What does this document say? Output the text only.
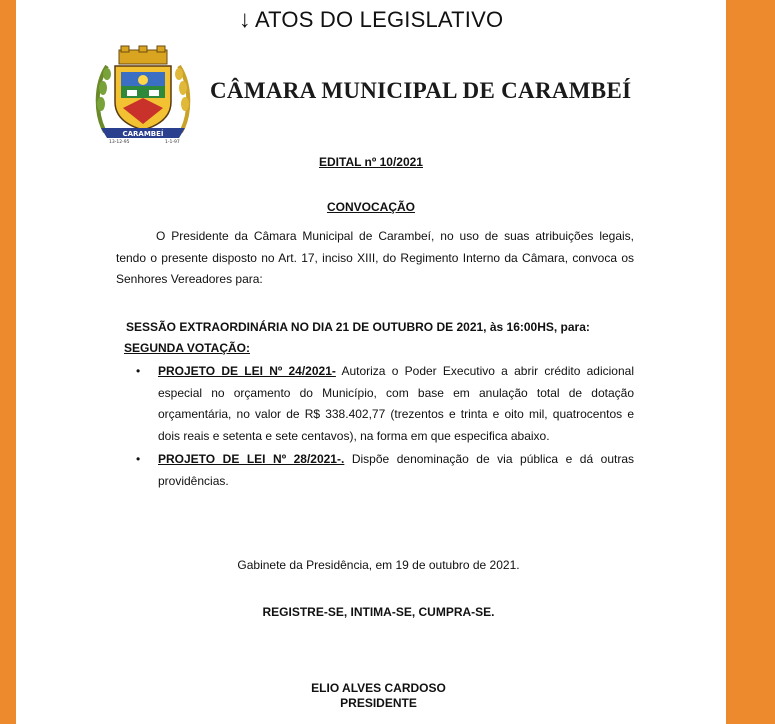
↓ ATOS DO LEGISLATIVO
CARAMBEÍ
13-12-95	1-1-97
CÂMARA MUNICIPAL DE CARAMBEÍ
EDITAL nº 10/2021
CONVOCAÇÃO
O Presidente da Câmara Municipal de Carambeí, no uso de suas atribuições legais, tendo o presente disposto no Art. 17, inciso XIII, do Regimento Interno da Câmara, convoca os Senhores Vereadores para:
SESSÃO EXTRAORDINÁRIA NO DIA 21 DE OUTUBRO DE 2021, às 16:00HS, para:
SEGUNDA VOTAÇÃO:
• PROJETO DE LEI Nº 24/2021- Autoriza o Poder Executivo a abrir crédito adicional especial no orçamento do Município, com base em anulação total de dotação orçamentária, no valor de R$ 338.402,77 (trezentos e trinta e oito mil, quatrocentos e dois reais e setenta e sete centavos), na forma em que especifica abaixo.
• PROJETO DE LEI Nº 28/2021-. Dispõe denominação de via pública e dá outras providências.
Gabinete da Presidência, em 19 de outubro de 2021.
REGISTRE-SE, INTIMA-SE, CUMPRA-SE.
ELIO ALVES CARDOSO
PRESIDENTE
